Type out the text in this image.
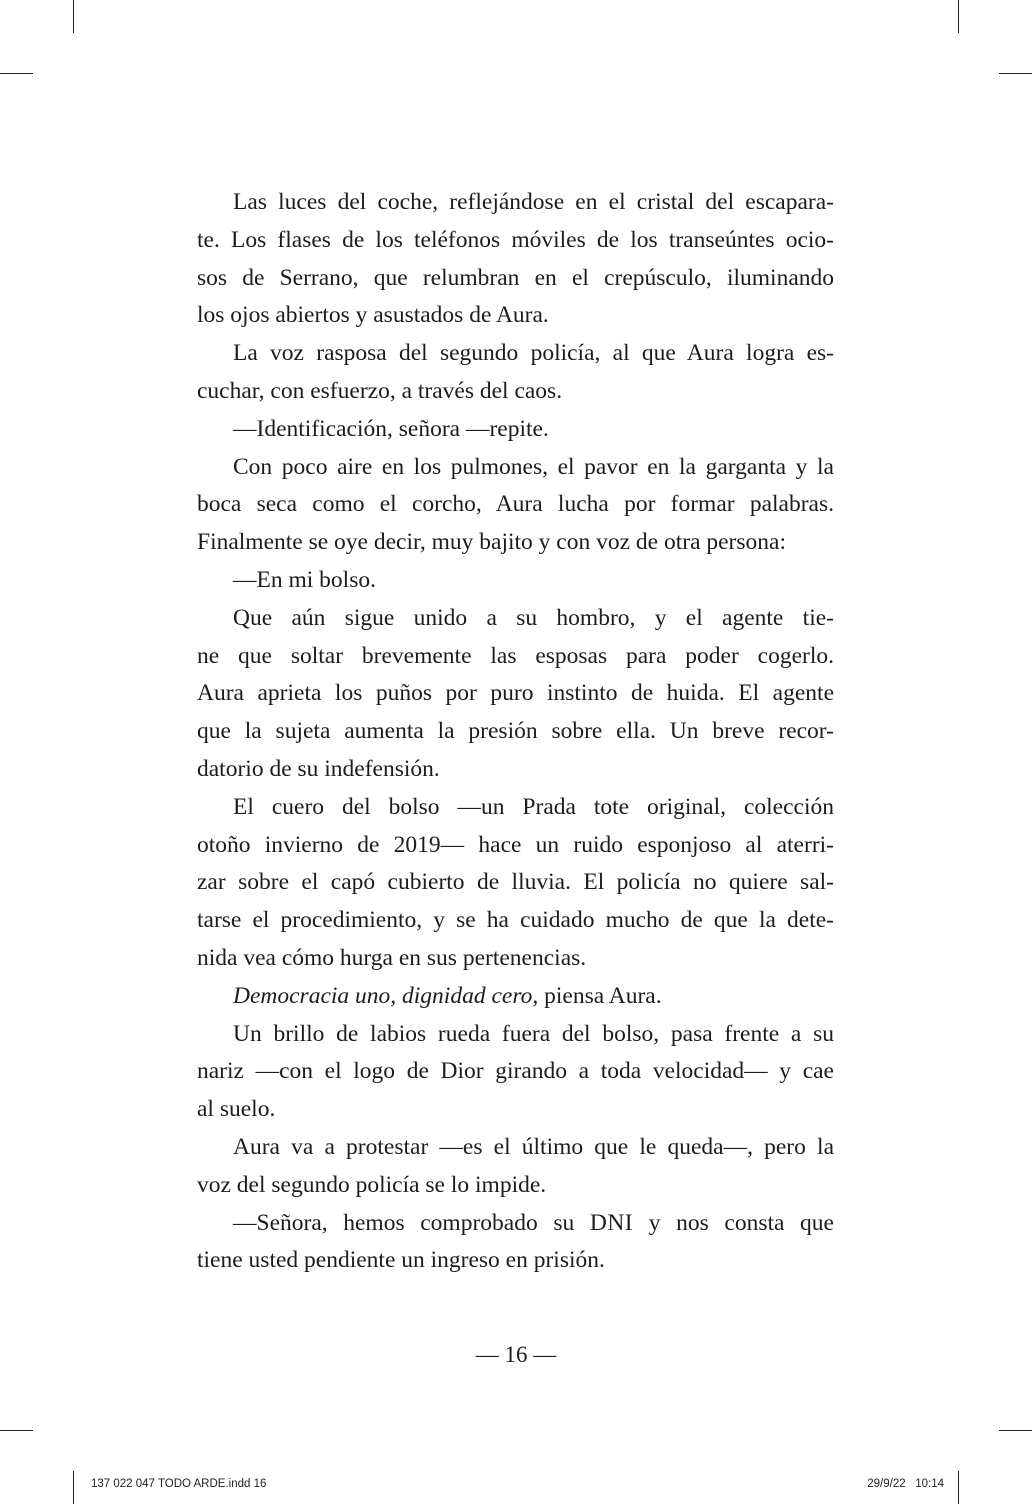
Las luces del coche, reflejándose en el cristal del escapara-
te. Los flases de los teléfonos móviles de los transeúntes ocio-
sos de Serrano, que relumbran en el crepúsculo, iluminando
los ojos abiertos y asustados de Aura.

La voz rasposa del segundo policía, al que Aura logra es-
cuchar, con esfuerzo, a través del caos.

—Identificación, señora —repite.

Con poco aire en los pulmones, el pavor en la garganta y la
boca seca como el corcho, Aura lucha por formar palabras.
Finalmente se oye decir, muy bajito y con voz de otra persona:

—En mi bolso.

Que aún sigue unido a su hombro, y el agente tie-
ne que soltar brevemente las esposas para poder cogerlo.
Aura aprieta los puños por puro instinto de huida. El agente
que la sujeta aumenta la presión sobre ella. Un breve recor-
datorio de su indefensión.

El cuero del bolso —un Prada tote original, colección
otoño invierno de 2019— hace un ruido esponjoso al aterri-
zar sobre el capó cubierto de lluvia. El policía no quiere sal-
tarse el procedimiento, y se ha cuidado mucho de que la dete-
nida vea cómo hurga en sus pertenencias.

Democracia uno, dignidad cero, piensa Aura.

Un brillo de labios rueda fuera del bolso, pasa frente a su
nariz —con el logo de Dior girando a toda velocidad— y cae
al suelo.

Aura va a protestar —es el último que le queda—, pero la
voz del segundo policía se lo impide.

—Señora, hemos comprobado su DNI y nos consta que
tiene usted pendiente un ingreso en prisión.

— 16 —
137 022 047 TODO ARDE.indd 16	29/9/22   10:14
